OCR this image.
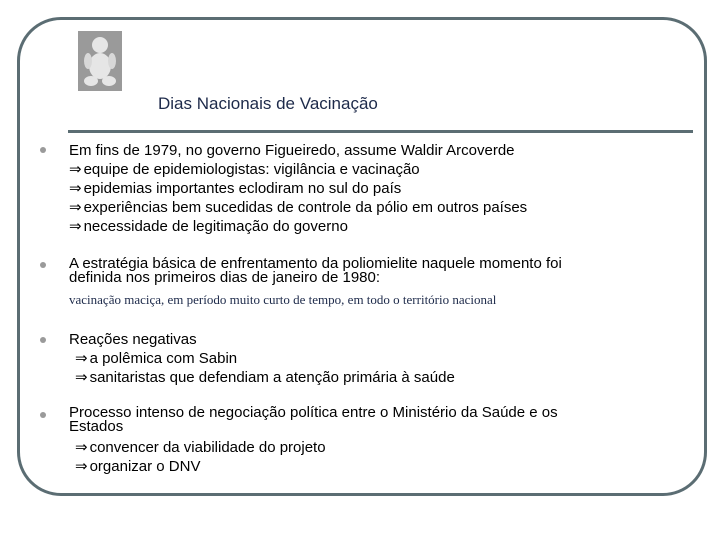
Dias Nacionais de Vacinação
Em fins de 1979, no governo Figueiredo, assume Waldir Arcoverde
⇒ equipe de epidemiologistas: vigilância e vacinação
⇒ epidemias importantes eclodiram no sul do país
⇒ experiências bem sucedidas de controle da pólio em outros países
⇒ necessidade de legitimação do governo
A estratégia básica de enfrentamento da poliomielite naquele momento foi
definida nos primeiros dias de janeiro de 1980:
vacinação maciça, em período muito curto de tempo, em todo o território nacional
Reações negativas
⇒ a polêmica com Sabin
⇒ sanitaristas que defendiam a atenção primária à saúde
Processo intenso de negociação política entre o Ministério da Saúde e os
Estados
⇒ convencer da viabilidade do projeto
⇒ organizar o DNV
